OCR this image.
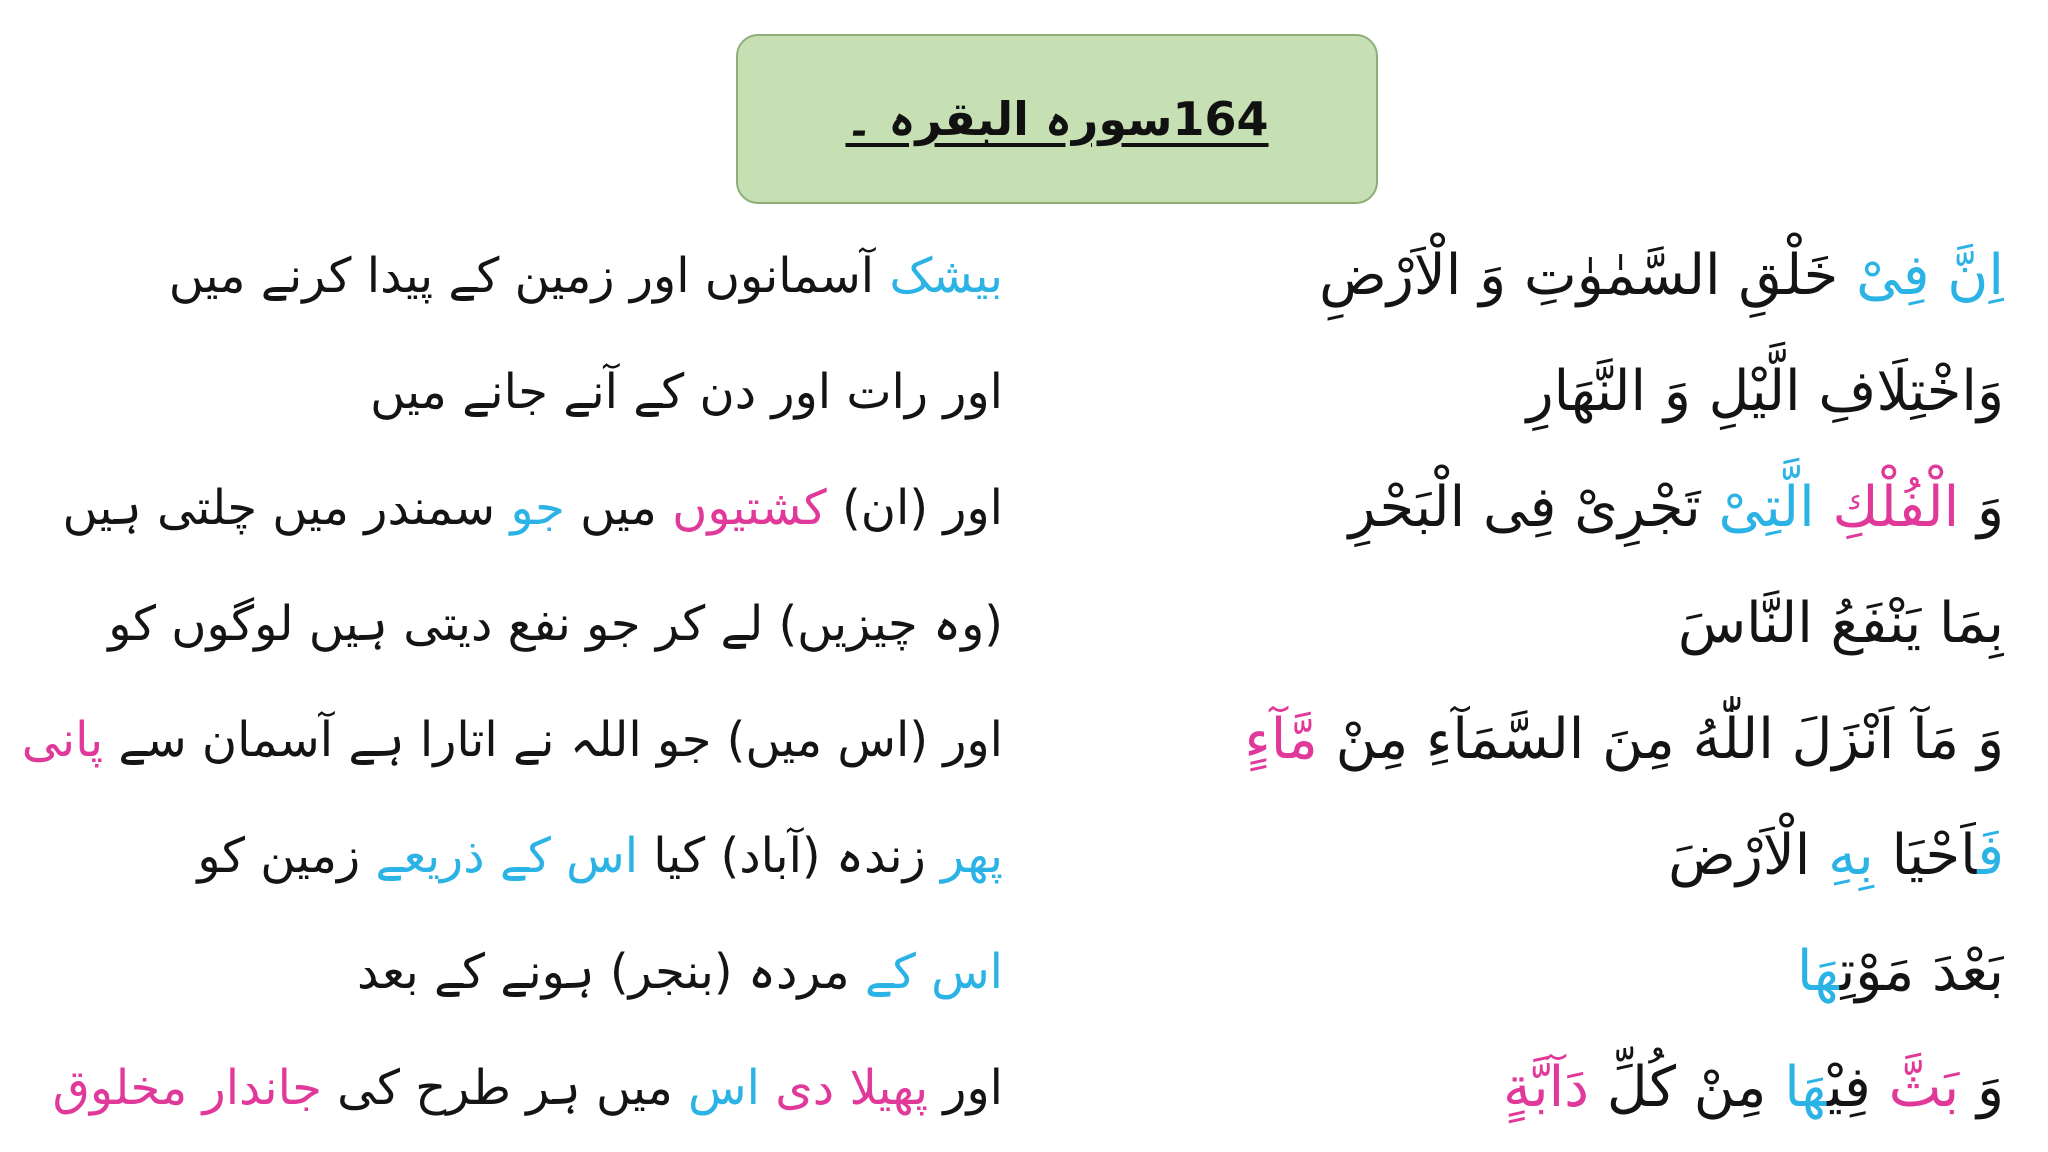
164سورہ البقرہ ۔
اِنَّ فِیْ خَلْقِ السَّمٰوٰتِ وَ الْاَرْضِ
وَاخْتِلَافِ الَّیْلِ وَ النَّهَارِ
وَ الْفُلْكِ الَّتِیْ تَجْرِیْ فِی الْبَحْرِ
بِمَا یَنْفَعُ النَّاسَ
وَ مَآ اَنْزَلَ اللّٰهُ مِنَ السَّمَآءِ مِنْ مَّآءٍ
فَاَحْیَا بِهِ الْاَرْضَ
بَعْدَ مَوْتِهَا
وَ بَثَّ فِیْهَا مِنْ كُلِّ دَآبَّةٍ
بیشک آسمانوں اور زمین کے پیدا کرنے میں
اور رات اور دن کے آنے جانے میں
اور (ان) کشتیوں میں جو سمندر میں چلتی ہیں
(وہ چیزیں) لے کر جو نفع دیتی ہیں لوگوں کو
اور (اس میں) جو اللہ نے اتارا ہے آسمان سے پانی
پھر زندہ (آباد) کیا اس کے ذریعے زمین کو
اس کے مردہ (بنجر) ہونے کے بعد
اور پھیلا دی اس میں ہر طرح کی جاندار مخلوق
